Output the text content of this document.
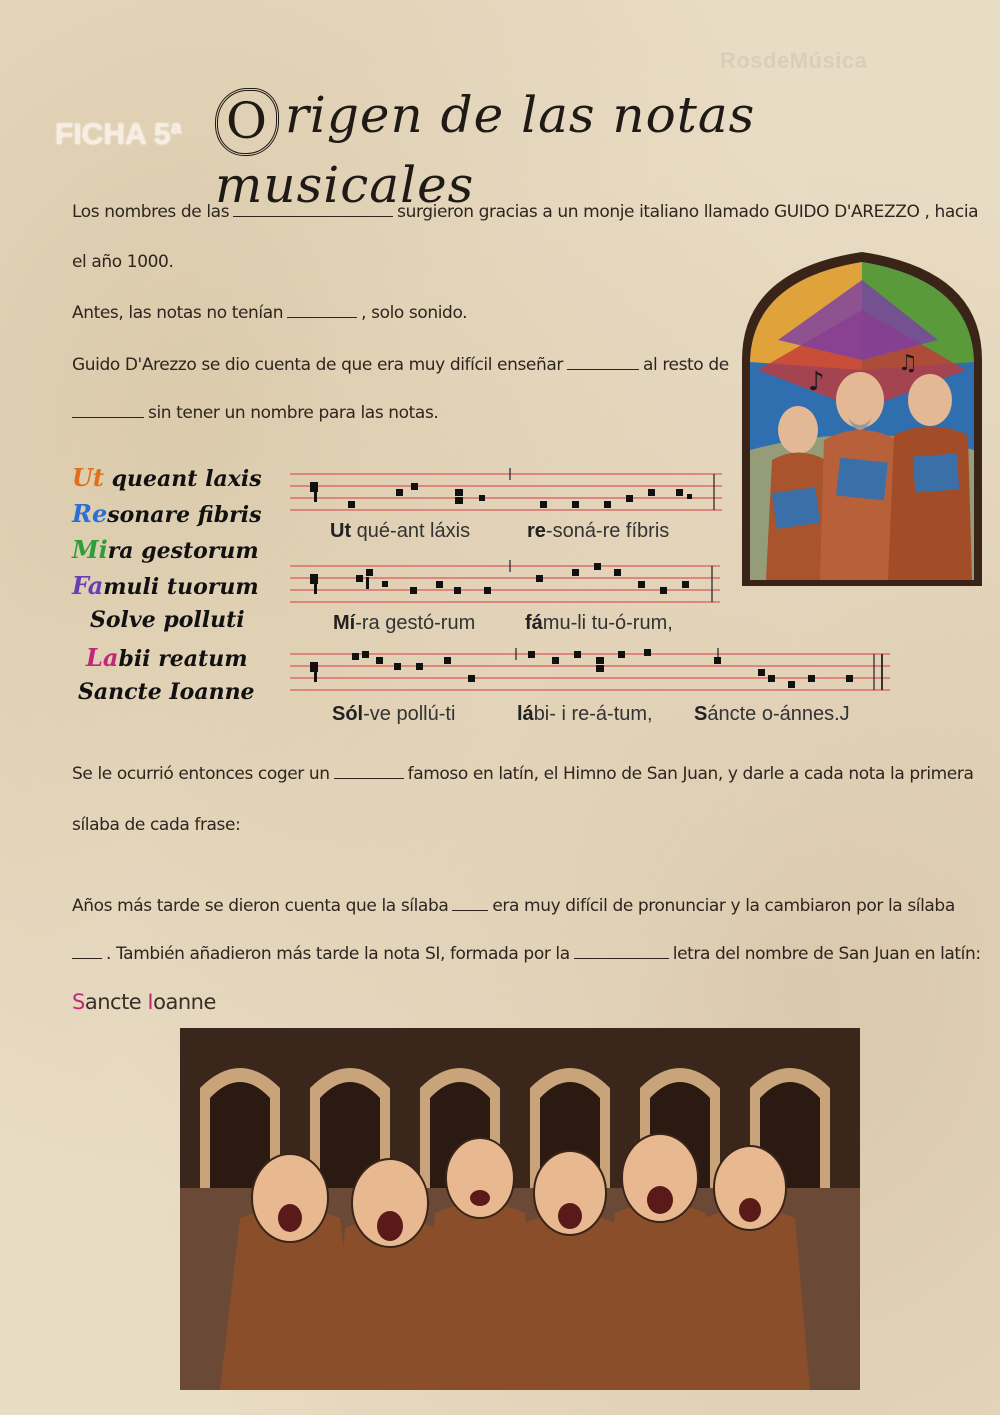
RosdeMúsica
FICHA 5ª O rigen de las notas musicales
Los nombres de las	surgieron gracias a un monje italiano llamado GUIDO D'AREZZO , hacia
el año 1000.
Antes, las notas no tenían	, solo sonido.
Guido D'Arezzo se dio cuenta de que era muy difícil enseñar	al resto de
sin tener un nombre para las notas.
♪
♫
Ut queant laxis
Resonare fibris
Mira gestorum
Famuli tuorum
Solve polluti
Labii reatum
Sancte Ioanne
Ut qué-ant láxis	re-soná-re fíbris
Mí-ra gestó-rum fámu-li tu-ó-rum,
Sól-ve pollú-ti	lábi- i re-á-tum, Sáncte o-ánnes.J
Se le ocurrió entonces coger un	famoso en latín, el Himno de San Juan, y darle a cada nota la primera
sílaba de cada frase:
Años más tarde se dieron cuenta que la sílaba	era muy difícil de pronunciar y la cambiaron por la sílaba
. También añadieron más tarde la nota SI, formada por la	letra del nombre de San Juan en latín:
Sancte Ioanne
